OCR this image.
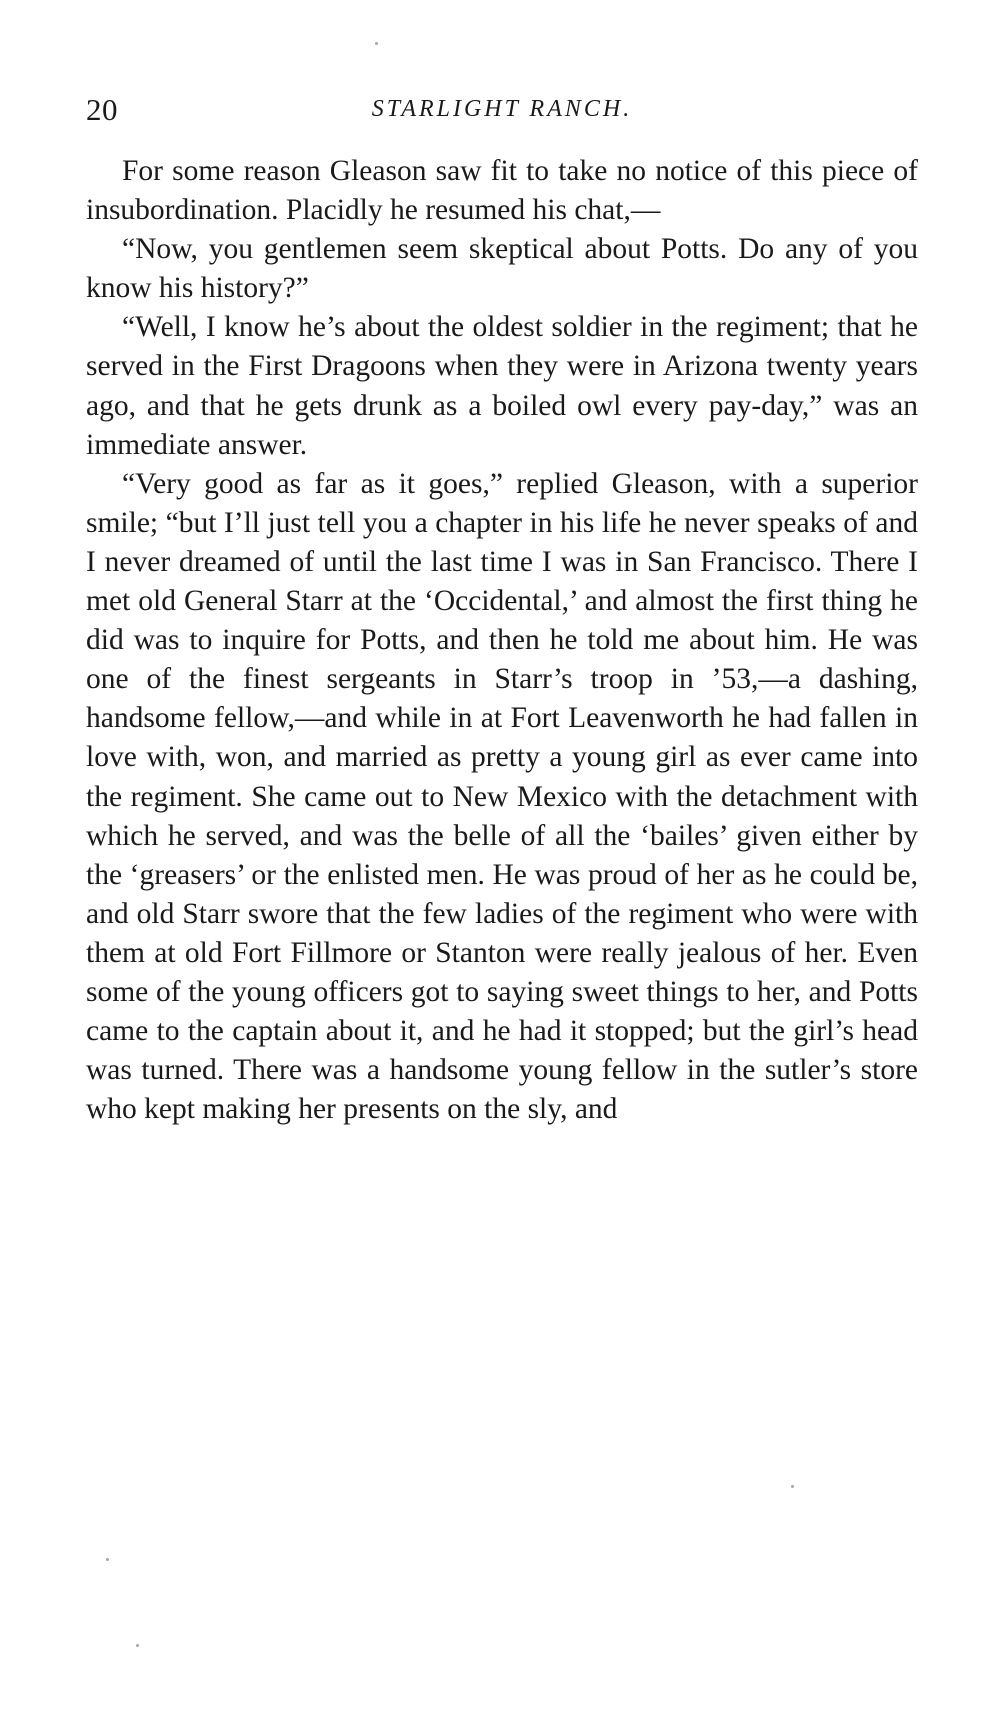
20	STARLIGHT RANCH.

For some reason Gleason saw fit to take no notice of this piece of insubordination. Placidly he resumed his chat,—

“Now, you gentlemen seem skeptical about Potts. Do any of you know his history?”

“Well, I know he’s about the oldest soldier in the regiment; that he served in the First Dragoons when they were in Arizona twenty years ago, and that he gets drunk as a boiled owl every pay-day,” was an immediate answer.

“Very good as far as it goes,” replied Gleason, with a superior smile; “but I’ll just tell you a chapter in his life he never speaks of and I never dreamed of until the last time I was in San Francisco. There I met old General Starr at the ‘Occidental,’ and almost the first thing he did was to inquire for Potts, and then he told me about him. He was one of the finest sergeants in Starr’s troop in ’53,—a dashing, handsome fellow,—and while in at Fort Leavenworth he had fallen in love with, won, and married as pretty a young girl as ever came into the regiment. She came out to New Mexico with the detachment with which he served, and was the belle of all the ‘bailes’ given either by the ‘greasers’ or the enlisted men. He was proud of her as he could be, and old Starr swore that the few ladies of the regiment who were with them at old Fort Fillmore or Stanton were really jealous of her. Even some of the young officers got to saying sweet things to her, and Potts came to the captain about it, and he had it stopped; but the girl’s head was turned. There was a handsome young fellow in the sutler’s store who kept making her presents on the sly, and
